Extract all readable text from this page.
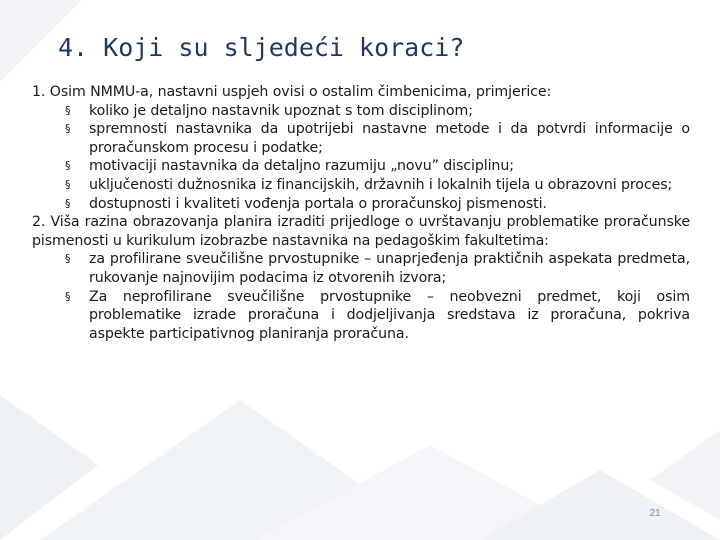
4. Koji su sljedeći koraci?

1. Osim NMMU-a, nastavni uspjeh ovisi o ostalim čimbenicima, primjerice:

§ koliko je detaljno nastavnik upoznat s tom disciplinom;
§ spremnosti nastavnika da upotrijebi nastavne metode i da potvrdi informacije o proračunskom procesu i podatke;
§ motivaciji nastavnika da detaljno razumiju „novu” disciplinu;
§ uključenosti dužnosnika iz financijskih, državnih i lokalnih tijela u obrazovni proces;
§ dostupnosti i kvaliteti vođenja portala o proračunskoj pismenosti.

2. Viša razina obrazovanja planira izraditi prijedloge o uvrštavanju problematike proračunske pismenosti u kurikulum izobrazbe nastavnika na pedagoškim fakultetima:

§ za profilirane sveučilišne prvostupnike – unaprjeđenja praktičnih aspekata predmeta, rukovanje najnovijim podacima iz otvorenih izvora;
§ Za neprofilirane sveučilišne prvostupnike – neobvezni predmet, koji osim problematike izrade proračuna i dodjeljivanja sredstava iz proračuna, pokriva aspekte participativnog planiranja proračuna.
21
